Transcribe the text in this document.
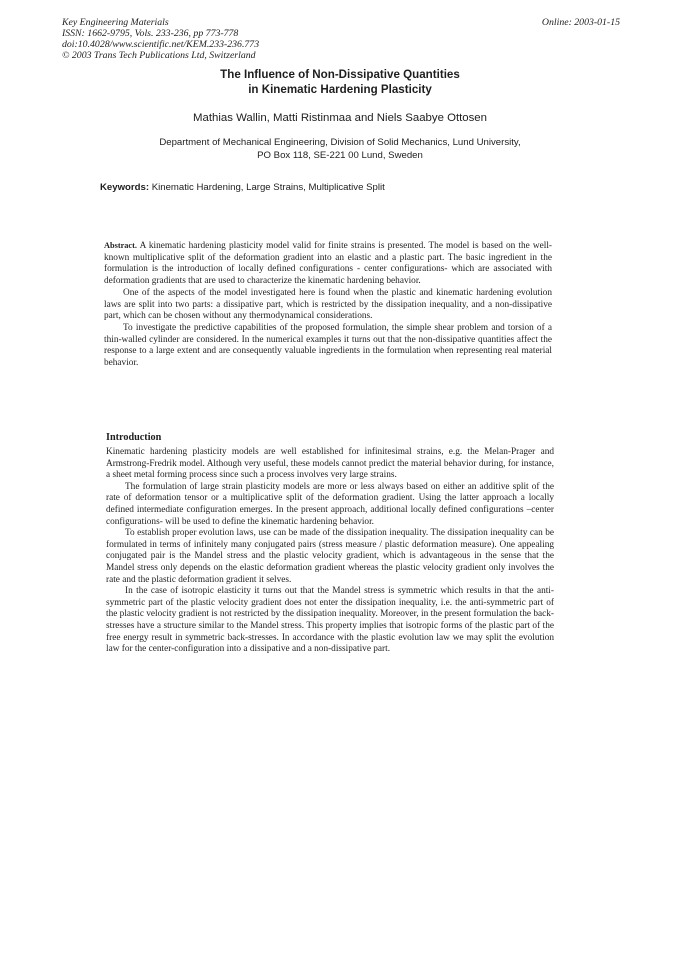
Key Engineering Materials
ISSN: 1662-9795, Vols. 233-236, pp 773-778
doi:10.4028/www.scientific.net/KEM.233-236.773
© 2003 Trans Tech Publications Ltd, Switzerland
Online: 2003-01-15
The Influence of Non-Dissipative Quantities
in Kinematic Hardening Plasticity
Mathias Wallin, Matti Ristinmaa and Niels Saabye Ottosen
Department of Mechanical Engineering, Division of Solid Mechanics, Lund University,
PO Box 118, SE-221 00 Lund, Sweden
Keywords: Kinematic Hardening, Large Strains, Multiplicative Split

Abstract. A kinematic hardening plasticity model valid for finite strains is presented. The model is based on the well-known multiplicative split of the deformation gradient into an elastic and a plastic part. The basic ingredient in the formulation is the introduction of locally defined configurations - center configurations- which are associated with deformation gradients that are used to characterize the kinematic hardening behavior.

One of the aspects of the model investigated here is found when the plastic and kinematic hardening evolution laws are split into two parts: a dissipative part, which is restricted by the dissipation inequality, and a non-dissipative part, which can be chosen without any thermodynamical considerations.

To investigate the predictive capabilities of the proposed formulation, the simple shear problem and torsion of a thin-walled cylinder are considered. In the numerical examples it turns out that the non-dissipative quantities affect the response to a large extent and are consequently valuable ingredients in the formulation when representing real material behavior.

Introduction

Kinematic hardening plasticity models are well established for infinitesimal strains, e.g. the Melan-Prager and Armstrong-Fredrik model. Although very useful, these models cannot predict the material behavior during, for instance, a sheet metal forming process since such a process involves very large strains.

The formulation of large strain plasticity models are more or less always based on either an additive split of the rate of deformation tensor or a multiplicative split of the deformation gradient. Using the latter approach a locally defined intermediate configuration emerges. In the present approach, additional locally defined configurations –center configurations- will be used to define the kinematic hardening behavior.

To establish proper evolution laws, use can be made of the dissipation inequality. The dissipation inequality can be formulated in terms of infinitely many conjugated pairs (stress measure / plastic deformation measure). One appealing conjugated pair is the Mandel stress and the plastic velocity gradient, which is advantageous in the sense that the Mandel stress only depends on the elastic deformation gradient whereas the plastic velocity gradient only involves the rate and the plastic deformation gradient it selves.

In the case of isotropic elasticity it turns out that the Mandel stress is symmetric which results in that the anti-symmetric part of the plastic velocity gradient does not enter the dissipation inequality, i.e. the anti-symmetric part of the plastic velocity gradient is not restricted by the dissipation inequality. Moreover, in the present formulation the back-stresses have a structure similar to the Mandel stress. This property implies that isotropic forms of the plastic part of the free energy result in symmetric back-stresses. In accordance with the plastic evolution law we may split the evolution law for the center-configuration into a dissipative and a non-dissipative part.
